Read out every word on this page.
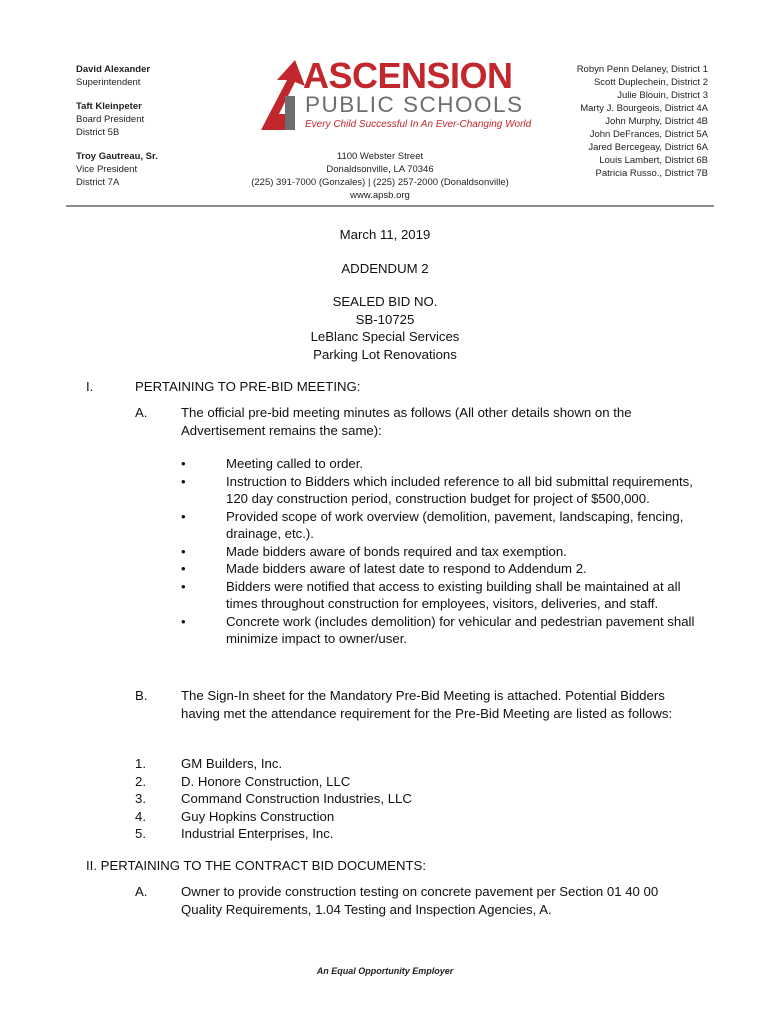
David Alexander
Superintendent
Taft Kleinpeter
Board President
District 5B
Troy Gautreau, Sr.
Vice President
District 7A
ASCENSION
PUBLIC SCHOOLS
Every Child Successful In An Ever-Changing World
Robyn Penn Delaney, District 1
Scott Duplechein, District 2
Julie Blouin, District 3
Marty J. Bourgeois, District 4A
John Murphy, District 4B
John DeFrances, District 5A
Jared Bercegeay, District 6A
Louis Lambert, District 6B
Patricia Russo., District 7B
1100 Webster Street
Donaldsonville, LA 70346
(225) 391-7000 (Gonzales) | (225) 257-2000 (Donaldsonville)
www.apsb.org
March 11, 2019
ADDENDUM 2
SEALED BID NO.
SB-10725
LeBlanc Special Services
Parking Lot Renovations
I.	PERTAINING TO PRE-BID MEETING:
A.	The official pre-bid meeting minutes as follows (All other details shown on the Advertisement remains the same):
•	Meeting called to order.
•	Instruction to Bidders which included reference to all bid submittal requirements, 120 day construction period, construction budget for project of $500,000.
•	Provided scope of work overview (demolition, pavement, landscaping, fencing, drainage, etc.).
•	Made bidders aware of bonds required and tax exemption.
•	Made bidders aware of latest date to respond to Addendum 2.
•	Bidders were notified that access to existing building shall be maintained at all times throughout construction for employees, visitors, deliveries, and staff.
•	Concrete work (includes demolition) for vehicular and pedestrian pavement shall minimize impact to owner/user.
B.	The Sign-In sheet for the Mandatory Pre-Bid Meeting is attached. Potential Bidders having met the attendance requirement for the Pre-Bid Meeting are listed as follows:
1.	GM Builders, Inc.
2.	D. Honore Construction, LLC
3.	Command Construction Industries, LLC
4.	Guy Hopkins Construction
5.	Industrial Enterprises, Inc.
II. PERTAINING TO THE CONTRACT BID DOCUMENTS:
A.	Owner to provide construction testing on concrete pavement per Section 01 40 00 Quality Requirements, 1.04 Testing and Inspection Agencies, A.
An Equal Opportunity Employer
